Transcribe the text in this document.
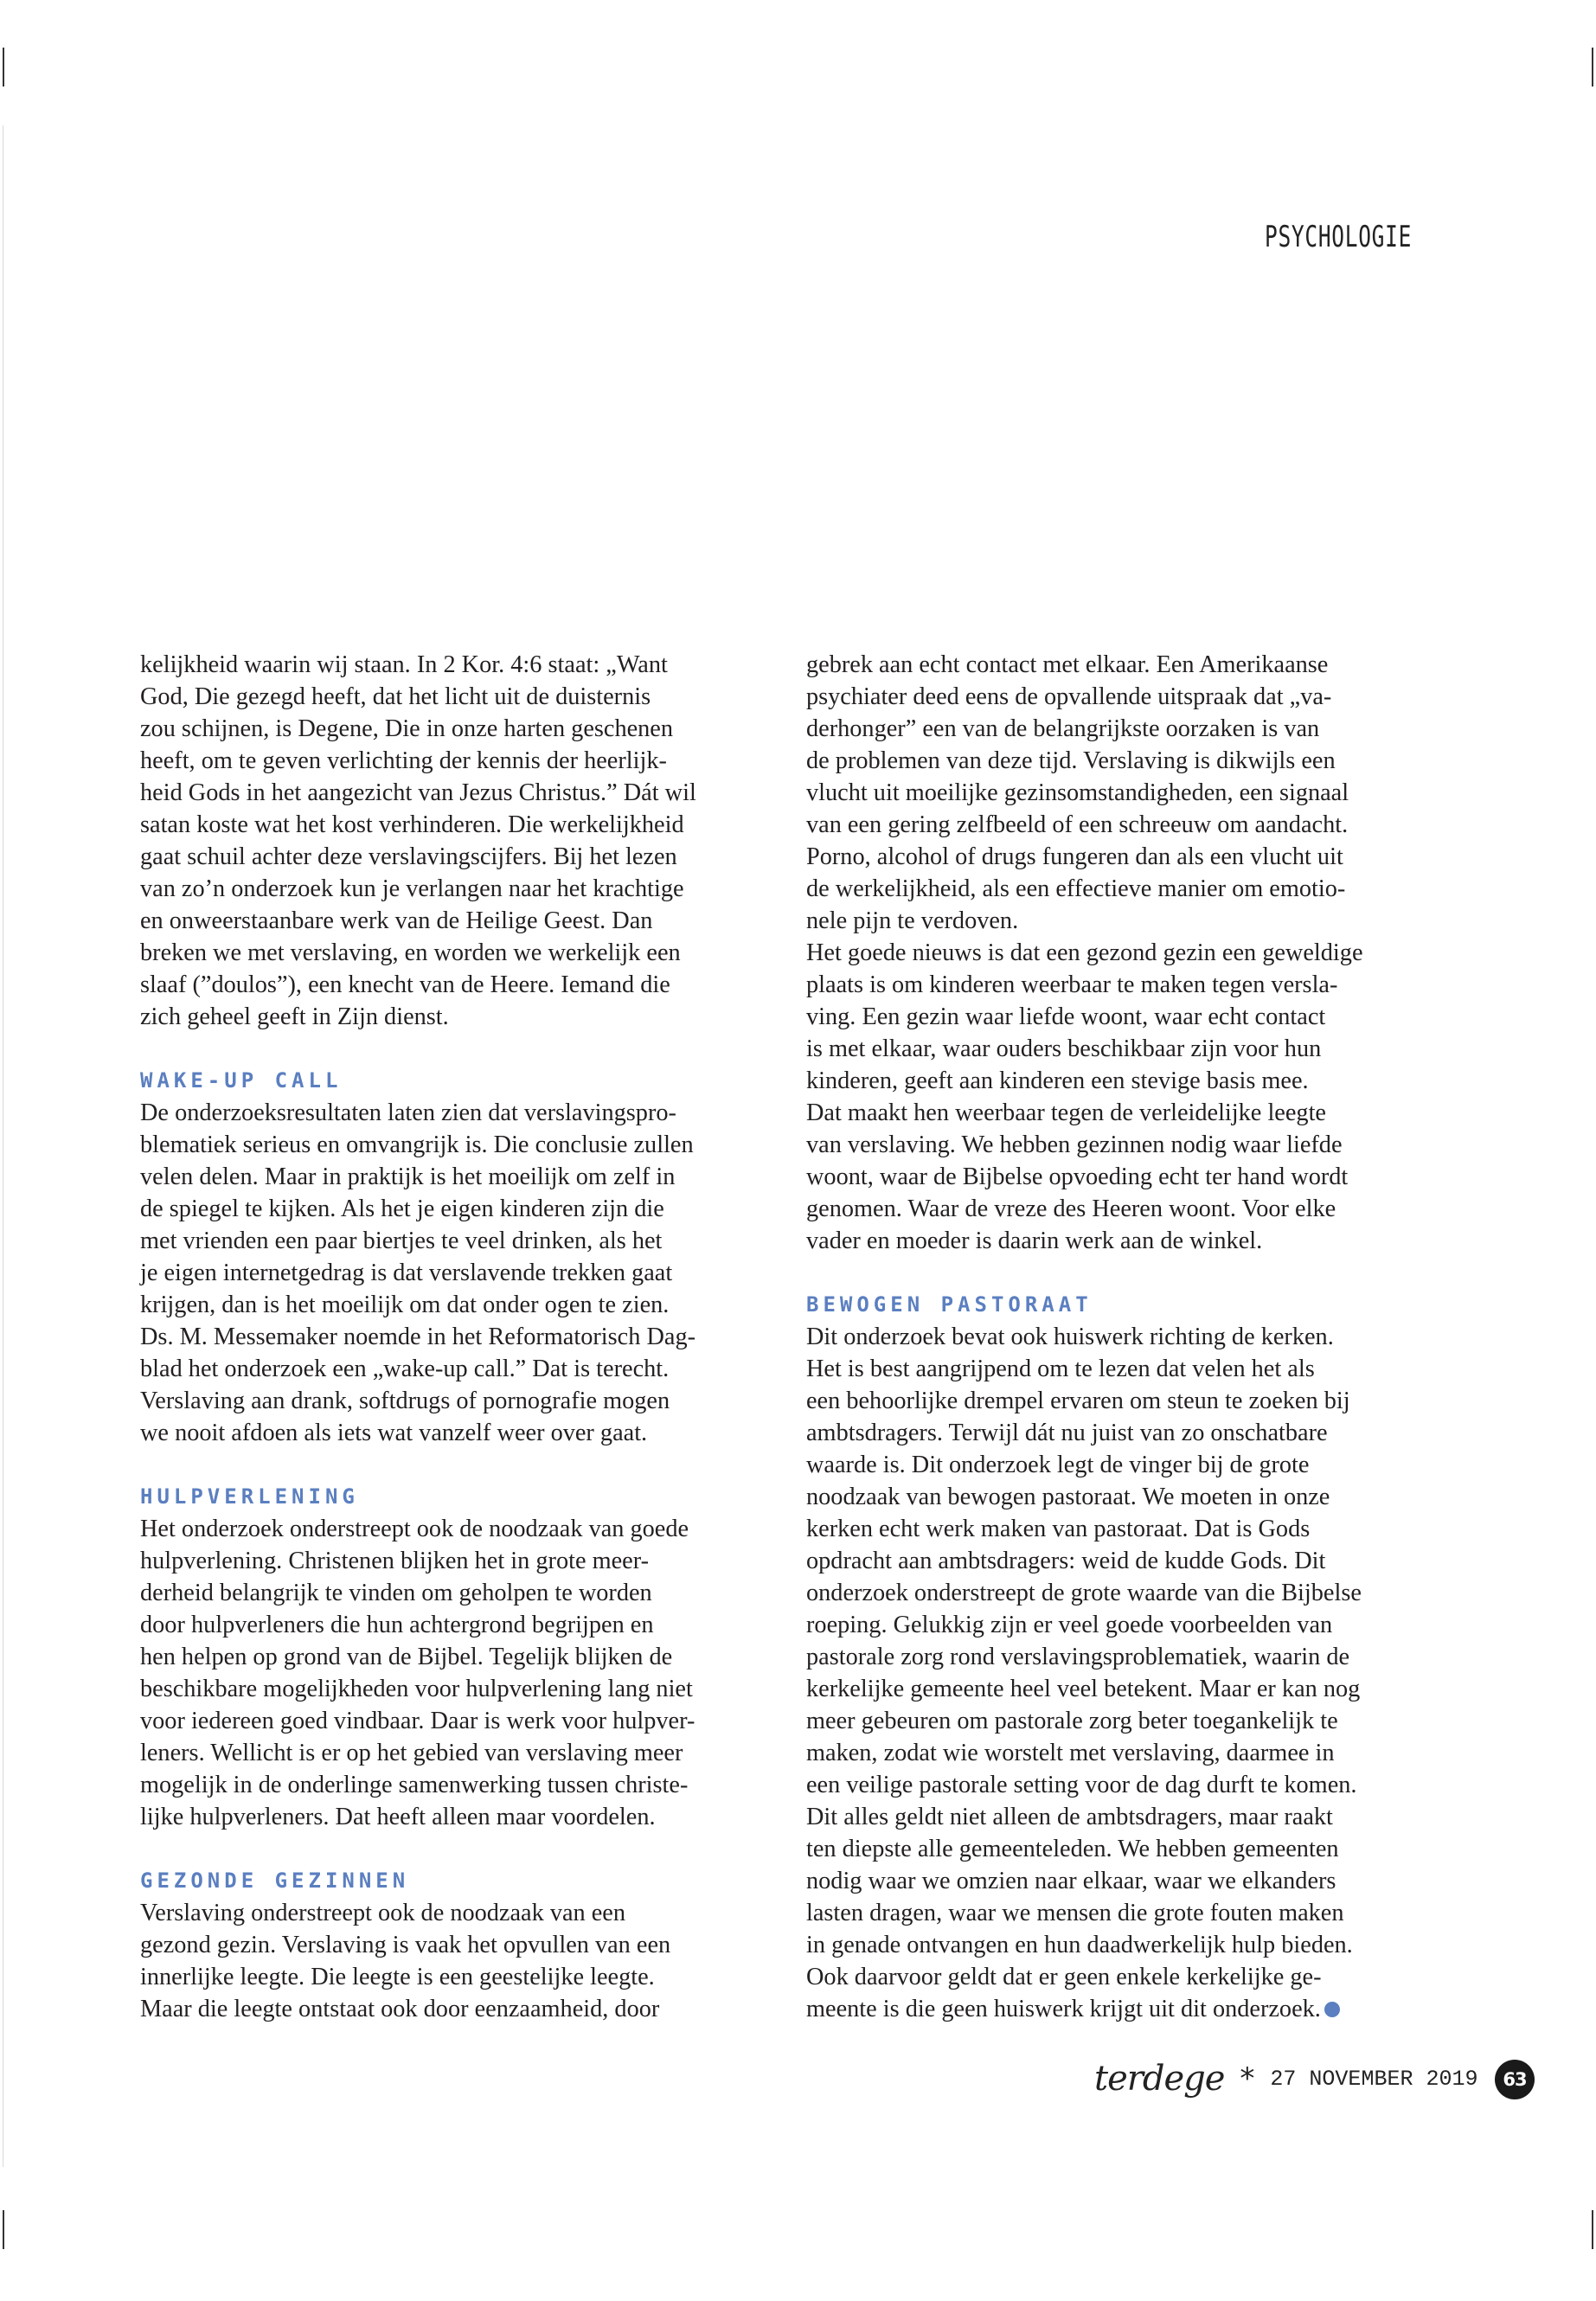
PSYCHOLOGIE
kelijkheid waarin wij staan. In 2 Kor. 4:6 staat: „Want
God, Die gezegd heeft, dat het licht uit de duisternis
zou schijnen, is Degene, Die in onze harten geschenen
heeft, om te geven verlichting der kennis der heerlijk-
heid Gods in het aangezicht van Jezus Christus.” Dát wil
satan koste wat het kost verhinderen. Die werkelijkheid
gaat schuil achter deze verslavingscijfers. Bij het lezen
van zo’n onderzoek kun je verlangen naar het krachtige
en onweerstaanbare werk van de Heilige Geest. Dan
breken we met verslaving, en worden we werkelijk een
slaaf (”doulos”), een knecht van de Heere. Iemand die
zich geheel geeft in Zijn dienst.
WAKE-UP CALL
De onderzoeksresultaten laten zien dat verslavingspro-
blematiek serieus en omvangrijk is. Die conclusie zullen
velen delen. Maar in praktijk is het moeilijk om zelf in
de spiegel te kijken. Als het je eigen kinderen zijn die
met vrienden een paar biertjes te veel drinken, als het
je eigen internetgedrag is dat verslavende trekken gaat
krijgen, dan is het moeilijk om dat onder ogen te zien.
Ds. M. Messemaker noemde in het Reformatorisch Dag-
blad het onderzoek een „wake-up call.” Dat is terecht.
Verslaving aan drank, softdrugs of pornografie mogen
we nooit afdoen als iets wat vanzelf weer over gaat.
HULPVERLENING
Het onderzoek onderstreept ook de noodzaak van goede
hulpverlening. Christenen blijken het in grote meer-
derheid belangrijk te vinden om geholpen te worden
door hulpverleners die hun achtergrond begrijpen en
hen helpen op grond van de Bijbel. Tegelijk blijken de
beschikbare mogelijkheden voor hulpverlening lang niet
voor iedereen goed vindbaar. Daar is werk voor hulpver-
leners. Wellicht is er op het gebied van verslaving meer
mogelijk in de onderlinge samenwerking tussen christe-
lijke hulpverleners. Dat heeft alleen maar voordelen.
GEZONDE GEZINNEN
Verslaving onderstreept ook de noodzaak van een
gezond gezin. Verslaving is vaak het opvullen van een
innerlijke leegte. Die leegte is een geestelijke leegte.
Maar die leegte ontstaat ook door eenzaamheid, door
gebrek aan echt contact met elkaar. Een Amerikaanse
psychiater deed eens de opvallende uitspraak dat „va-
derhonger” een van de belangrijkste oorzaken is van
de problemen van deze tijd. Verslaving is dikwijls een
vlucht uit moeilijke gezinsomstandigheden, een signaal
van een gering zelfbeeld of een schreeuw om aandacht.
Porno, alcohol of drugs fungeren dan als een vlucht uit
de werkelijkheid, als een effectieve manier om emotio-
nele pijn te verdoven.
Het goede nieuws is dat een gezond gezin een geweldige
plaats is om kinderen weerbaar te maken tegen versla-
ving. Een gezin waar liefde woont, waar echt contact
is met elkaar, waar ouders beschikbaar zijn voor hun
kinderen, geeft aan kinderen een stevige basis mee.
Dat maakt hen weerbaar tegen de verleidelijke leegte
van verslaving. We hebben gezinnen nodig waar liefde
woont, waar de Bijbelse opvoeding echt ter hand wordt
genomen. Waar de vreze des Heeren woont. Voor elke
vader en moeder is daarin werk aan de winkel.
BEWOGEN PASTORAAT
Dit onderzoek bevat ook huiswerk richting de kerken.
Het is best aangrijpend om te lezen dat velen het als
een behoorlijke drempel ervaren om steun te zoeken bij
ambtsdragers. Terwijl dát nu juist van zo onschatbare
waarde is. Dit onderzoek legt de vinger bij de grote
noodzaak van bewogen pastoraat. We moeten in onze
kerken echt werk maken van pastoraat. Dat is Gods
opdracht aan ambtsdragers: weid de kudde Gods. Dit
onderzoek onderstreept de grote waarde van die Bijbelse
roeping. Gelukkig zijn er veel goede voorbeelden van
pastorale zorg rond verslavingsproblematiek, waarin de
kerkelijke gemeente heel veel betekent. Maar er kan nog
meer gebeuren om pastorale zorg beter toegankelijk te
maken, zodat wie worstelt met verslaving, daarmee in
een veilige pastorale setting voor de dag durft te komen.
Dit alles geldt niet alleen de ambtsdragers, maar raakt
ten diepste alle gemeenteleden. We hebben gemeenten
nodig waar we omzien naar elkaar, waar we elkanders
lasten dragen, waar we mensen die grote fouten maken
in genade ontvangen en hun daadwerkelijk hulp bieden.
Ook daarvoor geldt dat er geen enkele kerkelijke ge-
meente is die geen huiswerk krijgt uit dit onderzoek.
terdege * 27 NOVEMBER 2019	63
